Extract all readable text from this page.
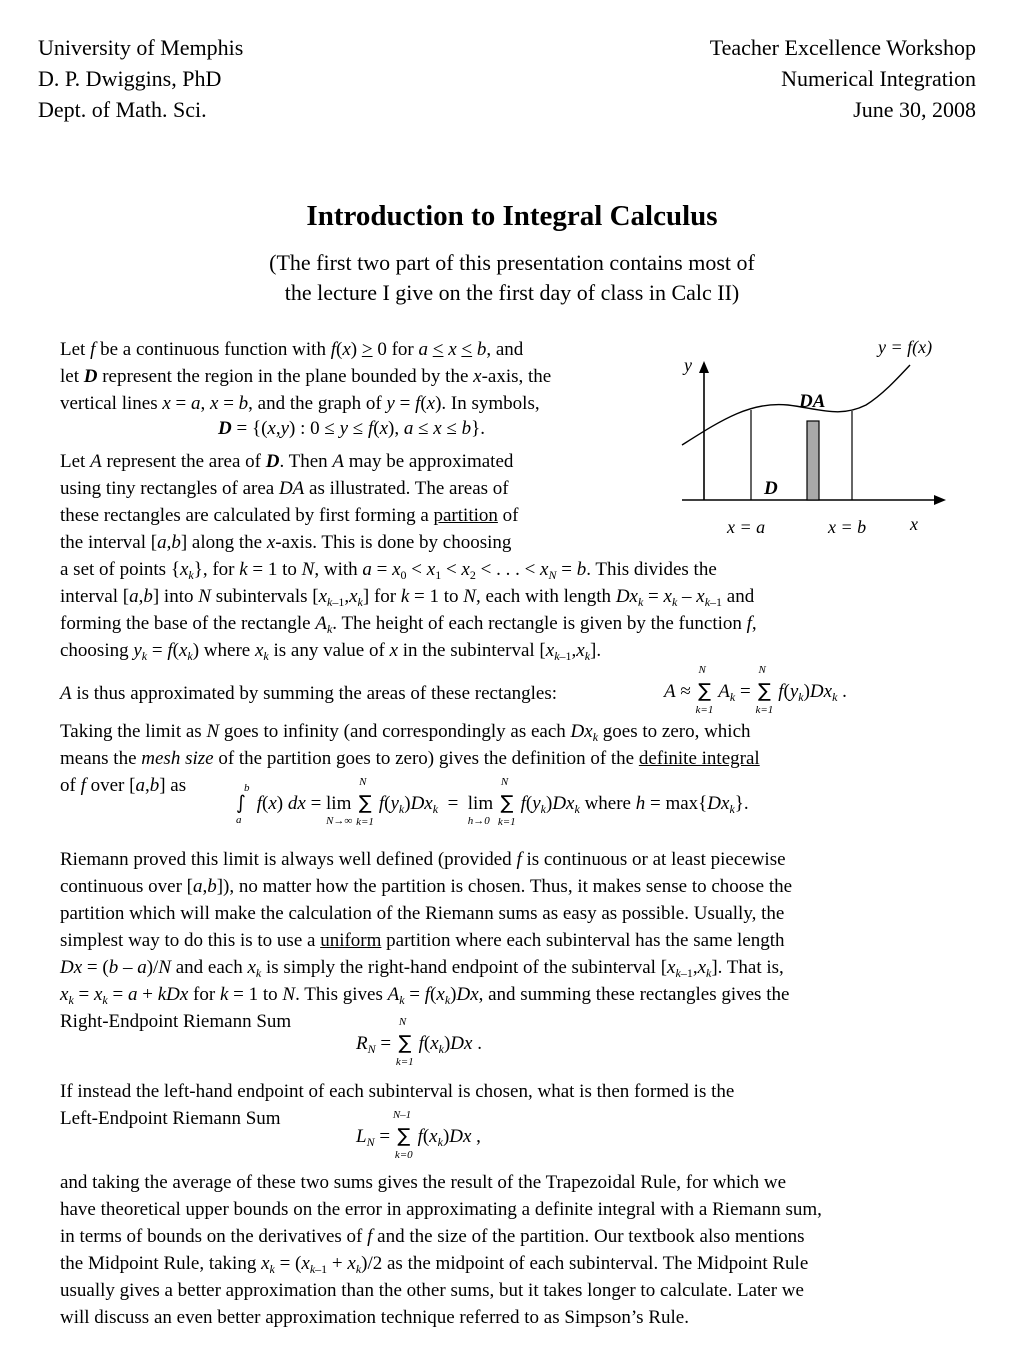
University of Memphis
D. P. Dwiggins, PhD
Dept. of Math. Sci.
Teacher Excellence Workshop
Numerical Integration
June 30, 2008
Introduction to Integral Calculus
(The first two part of this presentation contains most of
the lecture I give on the first day of class in Calc II)
y = f(x)
y
x
DA
D
x = a	x = b
Let f be a continuous function with f(x) > 0 for a < x < b, and
let D represent the region in the plane bounded by the x-axis, the
vertical lines x = a, x = b, and the graph of y = f(x). In symbols,
D = {(x,y) : 0 ≤ y ≤ f(x), a ≤ x ≤ b}.
Let A represent the area of D. Then A may be approximated
using tiny rectangles of area DA as illustrated. The areas of
these rectangles are calculated by first forming a partition of
the interval [a,b] along the x-axis. This is done by choosing
a set of points $\{x_k\}$, for k = 1 to N, with $a = x_0 < x_1 < x_2$ < . . . < $x_N = b$. This divides the
interval [a,b] into N subintervals $[x_{k-1},x_k]$ for k = 1 to N, each with length $Dx_k = x_k - x_{k-1}$ and
forming the base of the rectangle $A_k$. The height of each rectangle is given by the function f,
choosing $y_k = f(x_k)$ where $x_k$ is any value of x in the subinterval $[x_{k-1},x_k]$.
A is thus approximated by summing the areas of these rectangles:	A ≈
N
∑
k=1
$A_k$ =
N
∑
k=1
$f(y_k)Dx_k$ .
Taking the limit as N goes to infinity (and correspondingly as each $Dx_k$ goes to zero, which
means the mesh size of the partition goes to zero) gives the definition of the definite integral
of f over [a,b] as	b
∫
a
f(x) dx = lim
N→∞

N
∑
k=1
$f(y_k)Dx_k = \lim$
h→0

N
∑
k=1
$f(y_k)Dx_k$ where $h = \max\{Dx_k\}$.
Riemann proved this limit is always well defined (provided f is continuous or at least piecewise
continuous over [a,b]), no matter how the partition is chosen. Thus, it makes sense to choose the
partition which will make the calculation of the Riemann sums as easy as possible. Usually, the
simplest way to do this is to use a uniform partition where each subinterval has the same length
Dx = (b – a)/N and each $x_k$ is simply the right-hand endpoint of the subinterval $[x_{k-1},x_k]$. That is,
$x_k = x_k = a$ + kDx for k = 1 to N. This gives $A_k = f(x_k)Dx$, and summing these rectangles gives the
Right-Endpoint Riemann Sum
$R_N$ =
N
∑
k=1
$f(x_k)Dx$ .
If instead the left-hand endpoint of each subinterval is chosen, what is then formed is the
Left-Endpoint Riemann Sum
$L_N$ =
N–1
∑
k=0
$f(x_k)Dx$ ,
and taking the average of these two sums gives the result of the Trapezoidal Rule, for which we
have theoretical upper bounds on the error in approximating a definite integral with a Riemann sum,
in terms of bounds on the derivatives of f and the size of the partition. Our textbook also mentions
the Midpoint Rule, taking $x_k = (x_{k-1} + x_k)/2$ as the midpoint of each subinterval. The Midpoint Rule
usually gives a better approximation than the other sums, but it takes longer to calculate. Later we
will discuss an even better approximation technique referred to as Simpson’s Rule.
